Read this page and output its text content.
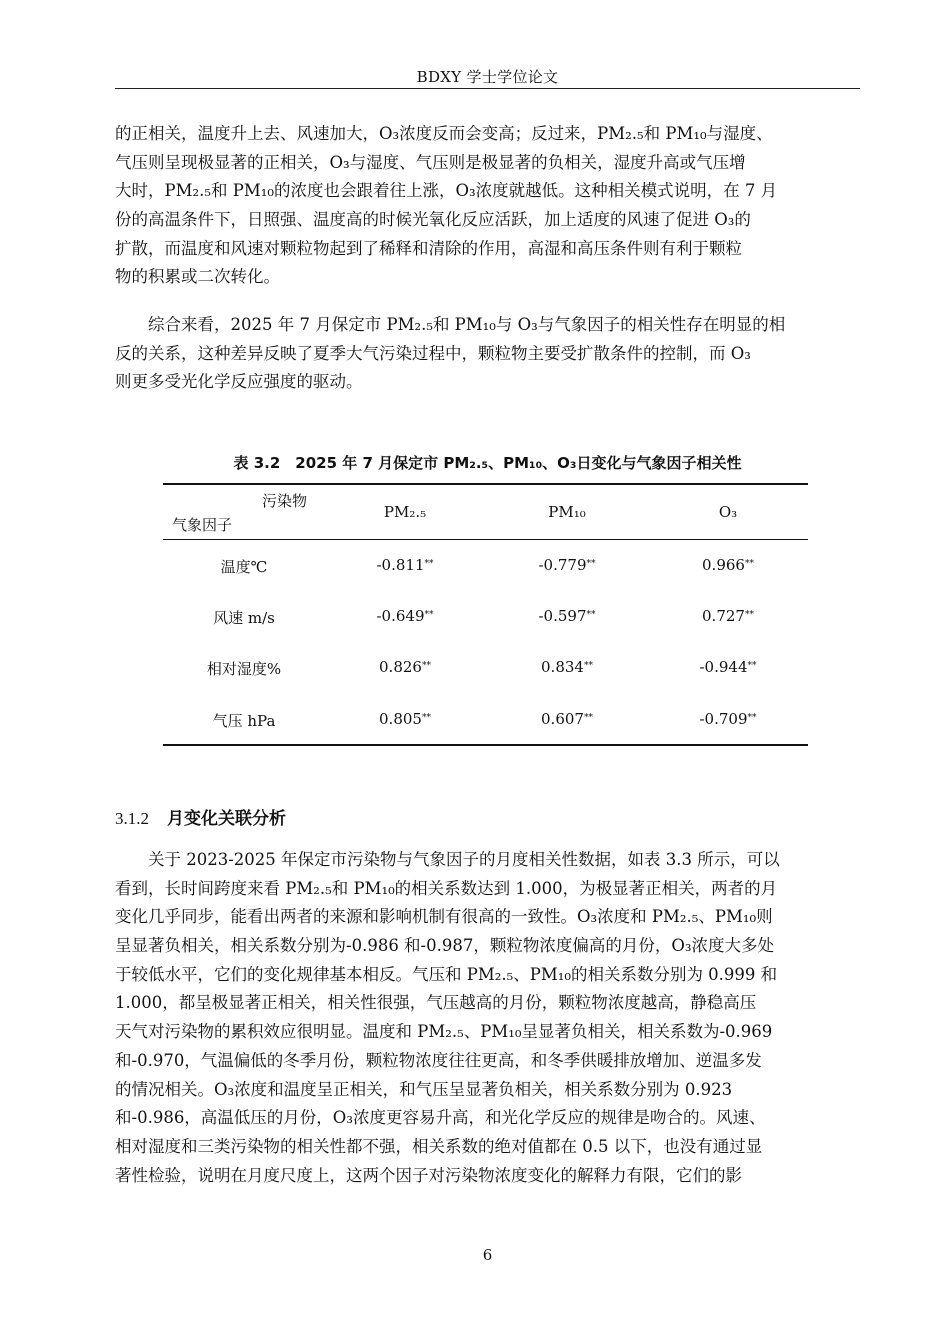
BDXY 学士学位论文
的正相关，温度升上去、风速加大，O₃浓度反而会变高；反过来，PM₂.₅和 PM₁₀与湿度、
气压则呈现极显著的正相关，O₃与湿度、气压则是极显著的负相关，湿度升高或气压增
大时，PM₂.₅和 PM₁₀的浓度也会跟着往上涨，O₃浓度就越低。这种相关模式说明，在 7 月
份的高温条件下，日照强、温度高的时候光氧化反应活跃，加上适度的风速了促进 O₃的
扩散，而温度和风速对颗粒物起到了稀释和清除的作用，高湿和高压条件则有利于颗粒
物的积累或二次转化。
　　综合来看，2025 年 7 月保定市 PM₂.₅和 PM₁₀与 O₃与气象因子的相关性存在明显的相
反的关系，这种差异反映了夏季大气污染过程中，颗粒物主要受扩散条件的控制，而 O₃
则更多受光化学反应强度的驱动。
表 3.2　2025 年 7 月保定市 PM₂.₅、PM₁₀、O₃日变化与气象因子相关性
污染物
气象因子
PM₂.₅	PM₁₀	O₃
温度℃	-0.811**	-0.779**	0.966**
风速 m/s	-0.649**	-0.597**	0.727**
相对湿度%	0.826**	0.834**	-0.944**
气压 hPa	0.805**	0.607**	-0.709**
3.1.2 月变化关联分析
　　关于 2023-2025 年保定市污染物与气象因子的月度相关性数据，如表 3.3 所示，可以
看到，长时间跨度来看 PM₂.₅和 PM₁₀的相关系数达到 1.000，为极显著正相关，两者的月
变化几乎同步，能看出两者的来源和影响机制有很高的一致性。O₃浓度和 PM₂.₅、PM₁₀则
呈显著负相关，相关系数分别为-0.986 和-0.987，颗粒物浓度偏高的月份，O₃浓度大多处
于较低水平，它们的变化规律基本相反。气压和 PM₂.₅、PM₁₀的相关系数分别为 0.999 和
1.000，都呈极显著正相关，相关性很强，气压越高的月份，颗粒物浓度越高，静稳高压
天气对污染物的累积效应很明显。温度和 PM₂.₅、PM₁₀呈显著负相关，相关系数为-0.969
和-0.970，气温偏低的冬季月份，颗粒物浓度往往更高，和冬季供暖排放增加、逆温多发
的情况相关。O₃浓度和温度呈正相关，和气压呈显著负相关，相关系数分别为 0.923
和-0.986，高温低压的月份，O₃浓度更容易升高，和光化学反应的规律是吻合的。风速、
相对湿度和三类污染物的相关性都不强，相关系数的绝对值都在 0.5 以下，也没有通过显
著性检验，说明在月度尺度上，这两个因子对污染物浓度变化的解释力有限，它们的影
6
